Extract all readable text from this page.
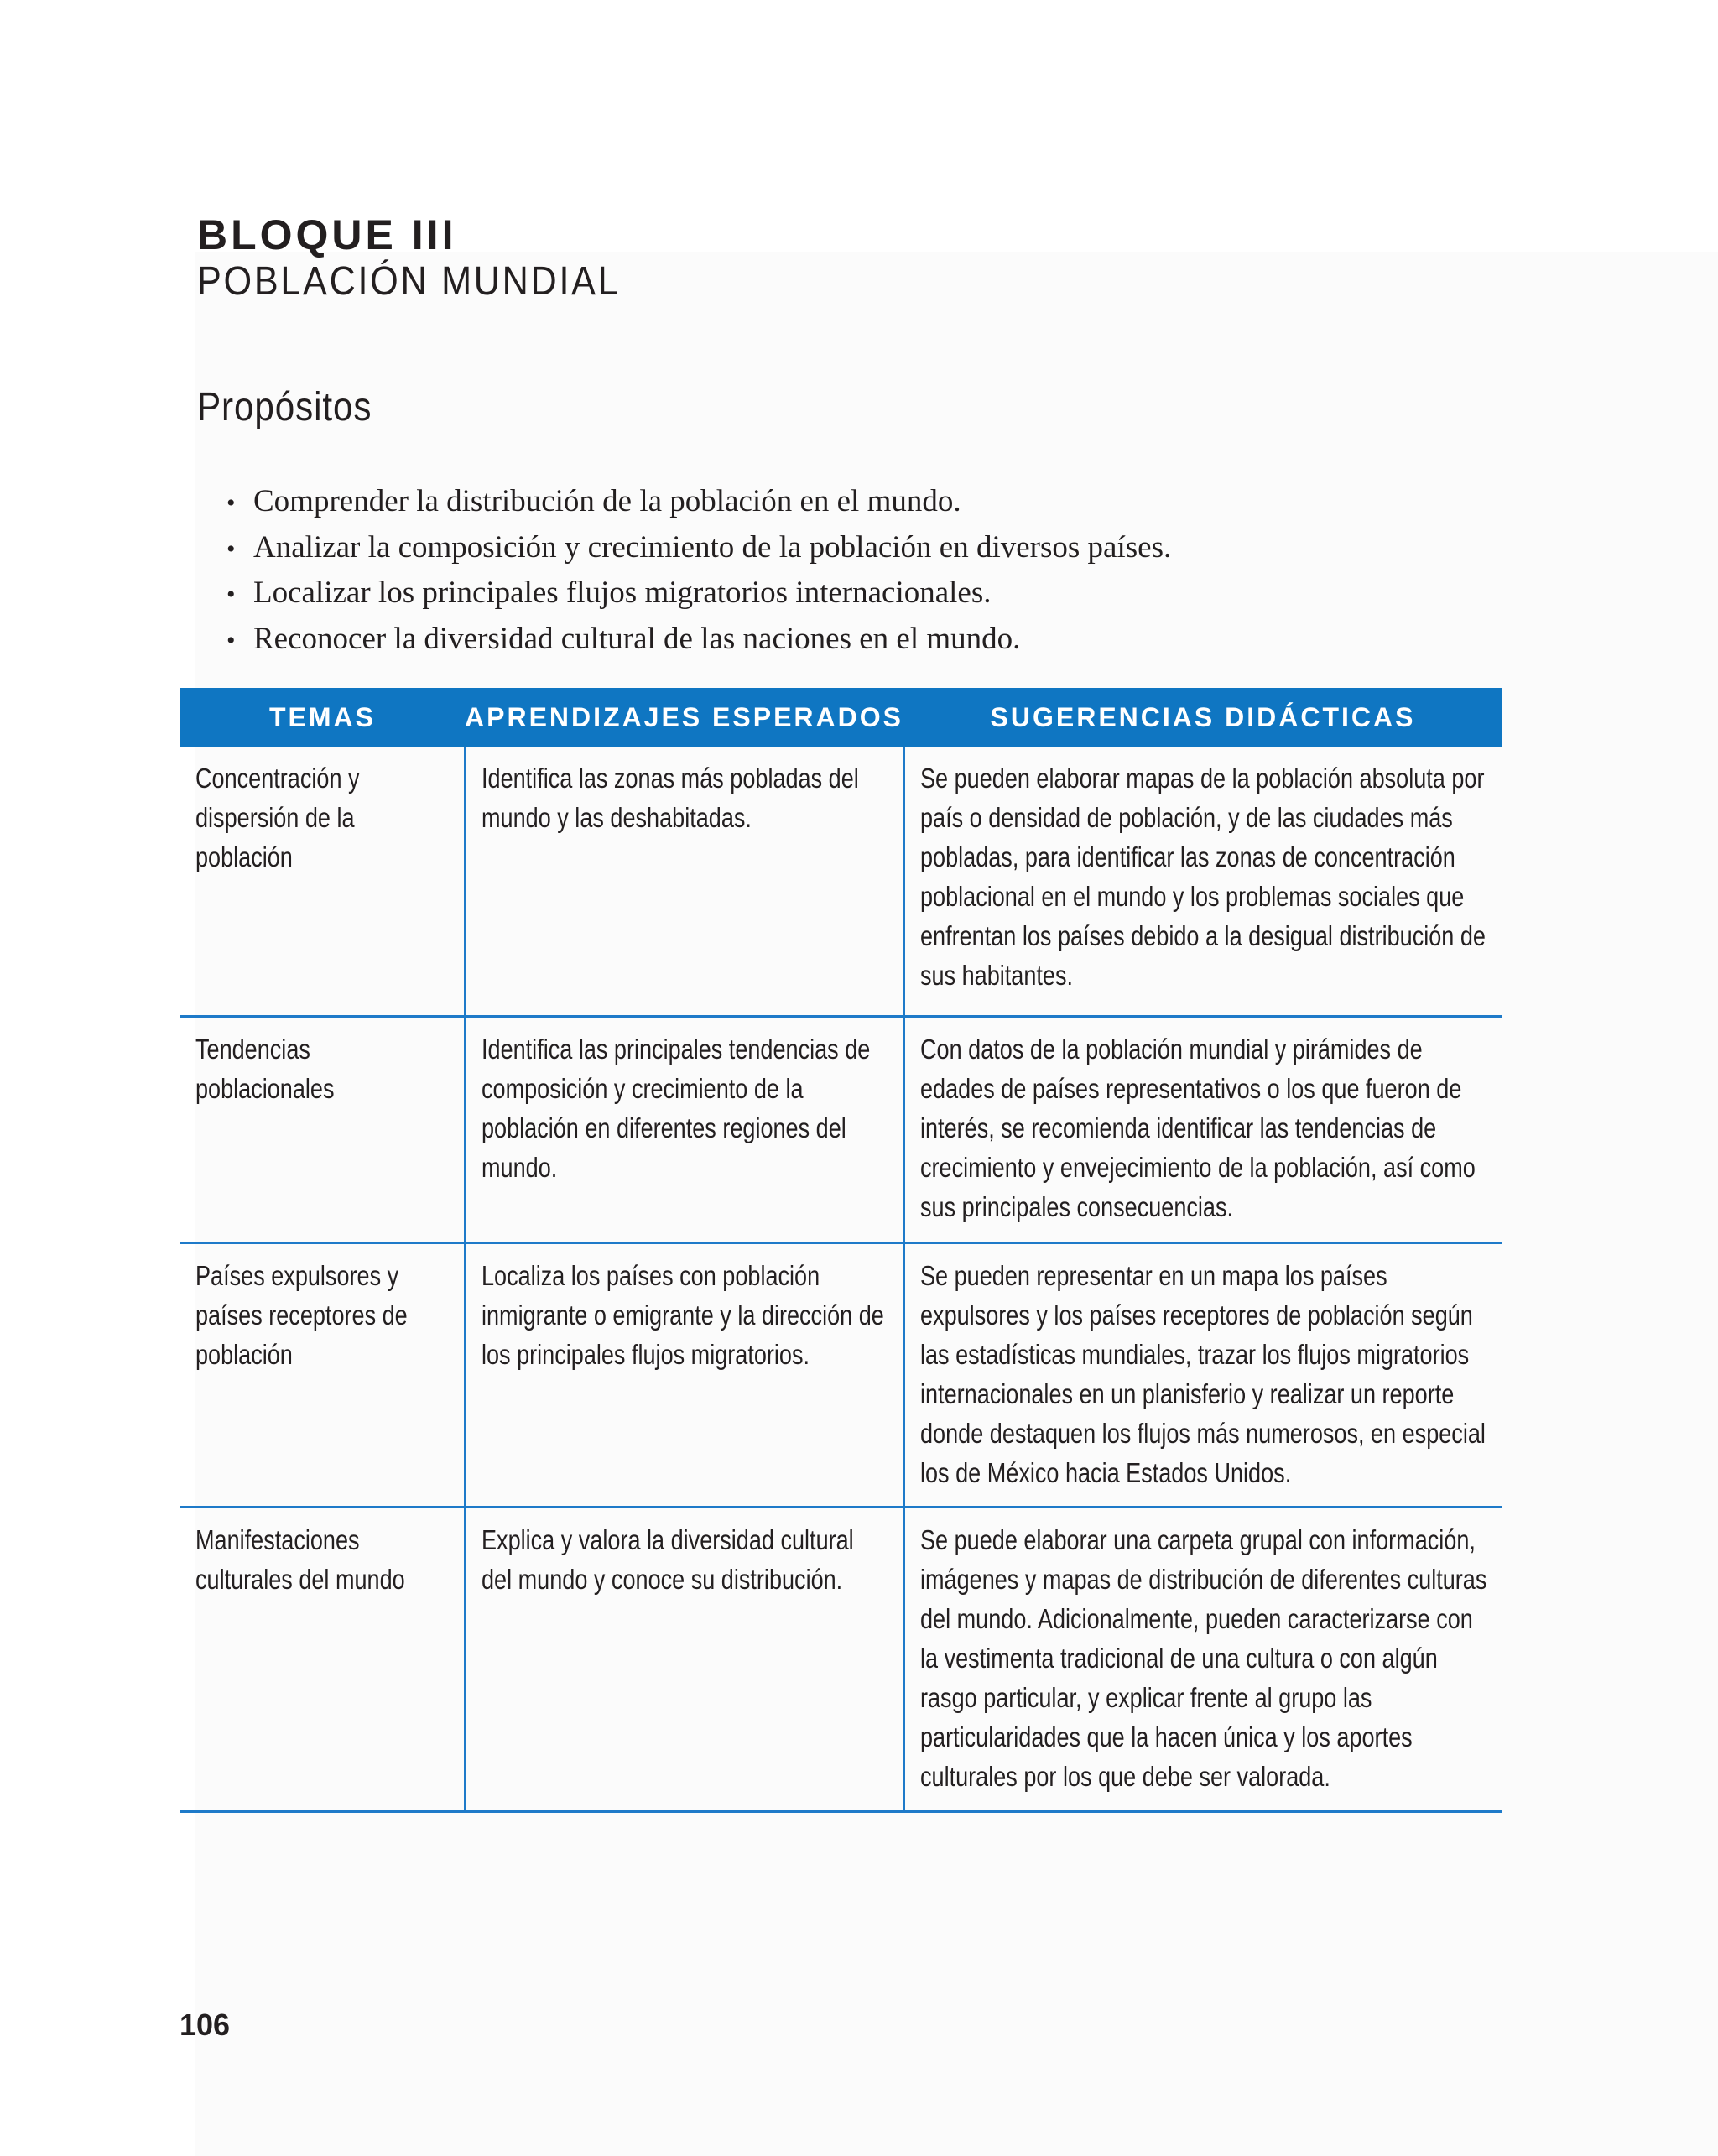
BLOQUE III
POBLACIÓN MUNDIAL
Propósitos
• Comprender la distribución de la población en el mundo.
• Analizar la composición y crecimiento de la población en diversos países.
• Localizar los principales flujos migratorios internacionales.
• Reconocer la diversidad cultural de las naciones en el mundo.
TEMAS	APRENDIZAJES ESPERADOS	SUGERENCIAS DIDÁCTICAS

Concentración y dispersión de la población	Identifica las zonas más pobladas del mundo y las deshabitadas.	Se pueden elaborar mapas de la población absoluta por país o densidad de población, y de las ciudades más pobladas, para identificar las zonas de concentración poblacional en el mundo y los problemas sociales que enfrentan los países debido a la desigual distribución de sus habitantes.

Tendencias poblacionales	Identifica las principales tendencias de composición y crecimiento de la población en diferentes regiones del mundo.	Con datos de la población mundial y pirámides de edades de países representativos o los que fueron de interés, se recomienda identificar las tendencias de crecimiento y envejecimiento de la población, así como sus principales consecuencias.

Países expulsores y países receptores de población	Localiza los países con población inmigrante o emigrante y la dirección de los principales flujos migratorios.	Se pueden representar en un mapa los países expulsores y los países receptores de población según las estadísticas mundiales, trazar los flujos migratorios internacionales en un planisferio y realizar un reporte donde destaquen los flujos más numerosos, en especial los de México hacia Estados Unidos.

Manifestaciones culturales del mundo	Explica y valora la diversidad cultural del mundo y conoce su distribución.	Se puede elaborar una carpeta grupal con información, imágenes y mapas de distribución de diferentes culturas del mundo. Adicionalmente, pueden caracterizarse con la vestimenta tradicional de una cultura o con algún rasgo particular, y explicar frente al grupo las particularidades que la hacen única y los aportes culturales por los que debe ser valorada.
106
